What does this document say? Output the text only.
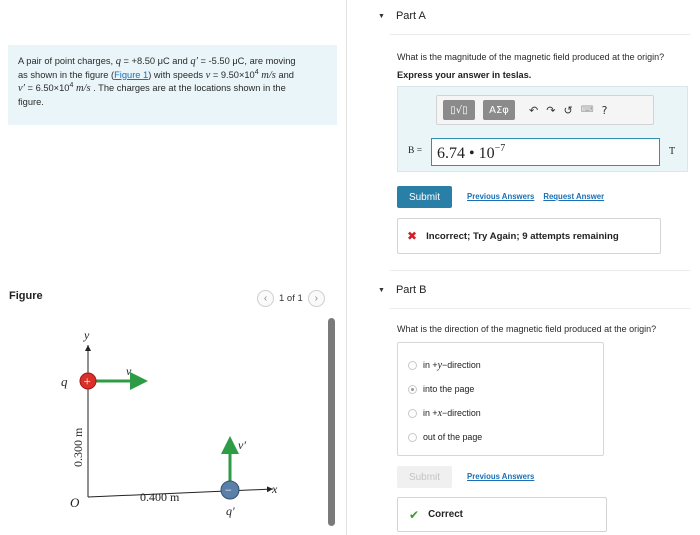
A pair of point charges, q = +8.50 μC and q′ = -5.50 μC, are moving
as shown in the figure (Figure 1) with speeds $v = 9.50\times 10^4$ m/s and
$v' = 6.50\times 10^4$ m/s . The charges are at the locations shown in the
figure.
Figure	‹	1 of 1	›
y
x
O
0.300 m
0.400 m
v
+
q
v′
−
q′
▼ Part A
What is the magnitude of the magnetic field produced at the origin?
Express your answer in teslas.
▯√▯	ΑΣφ	↶ ↷ ↺ ⌨ ?
B = 6.74 • $10^{-7}$	T
Submit	Previous Answers Request Answer
✖ Incorrect; Try Again; 9 attempts remaining
▼ Part B
What is the direction of the magnetic field produced at the origin?
in +y−direction
into the page
in +x−direction
out of the page
Submit	Previous Answers
✔ Correct
